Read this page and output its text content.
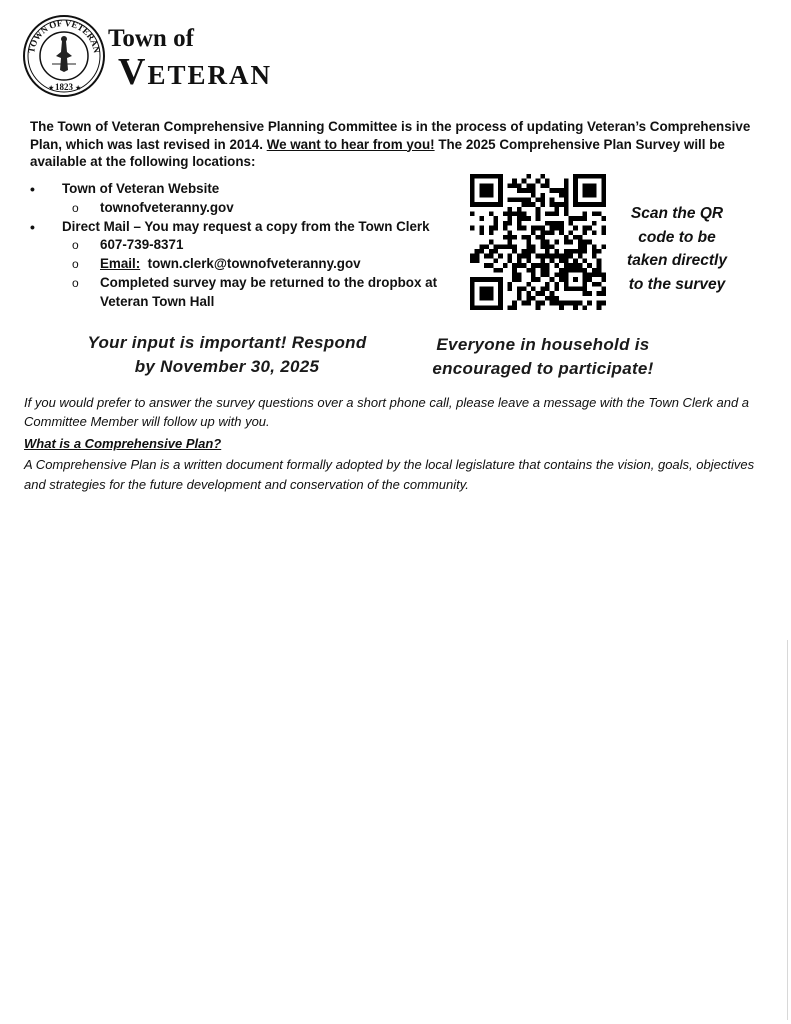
TOWN OF VETERAN
1823
★	★
Town of
VETERAN
The Town of Veteran Comprehensive Planning Committee is in the process of updating Veteran’s Comprehensive Plan, which was last revised in 2014. We want to hear from you! The 2025 Comprehensive Plan Survey will be available at the following locations:
• Town of Veteran Website
o townofveteranny.gov
• Direct Mail – You may request a copy from the Town Clerk
o 607-739-8371
o Email: town.clerk@townofveteranny.gov
o Completed survey may be returned to the dropbox at
Veteran Town Hall
Scan the QR
code to be
taken directly
to the survey
Your input is important! Respond
by November 30, 2025
Everyone in household is
encouraged to participate!
If you would prefer to answer the survey questions over a short phone call, please leave a message with the Town Clerk and a Committee Member will follow up with you.
What is a Comprehensive Plan?
A Comprehensive Plan is a written document formally adopted by the local legislature that contains the vision, goals, objectives and strategies for the future development and conservation of the community.
